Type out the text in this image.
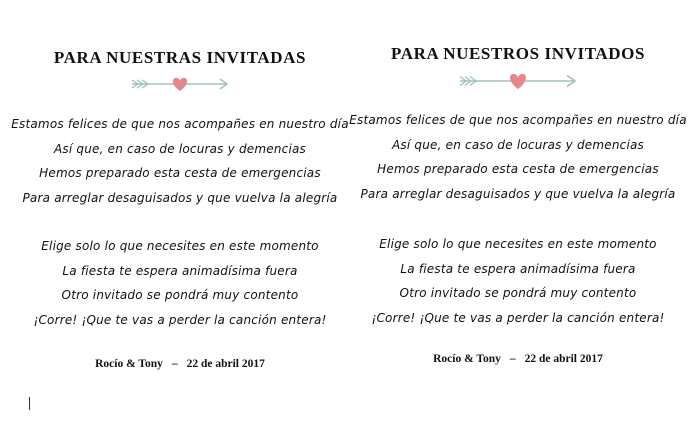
PARA NUESTRAS INVITADAS
Estamos felices de que nos acompañes en nuestro día
Así que, en caso de locuras y demencias
Hemos preparado esta cesta de emergencias
Para arreglar desaguisados y que vuelva la alegría
Elige solo lo que necesites en este momento
La fiesta te espera animadísima fuera
Otro invitado se pondrá muy contento
¡Corre! ¡Que te vas a perder la canción entera!
Rocío & Tony – 22 de abril 2017
PARA NUESTROS INVITADOS
Estamos felices de que nos acompañes en nuestro día
Así que, en caso de locuras y demencias
Hemos preparado esta cesta de emergencias
Para arreglar desaguisados y que vuelva la alegría
Elige solo lo que necesites en este momento
La fiesta te espera animadísima fuera
Otro invitado se pondrá muy contento
¡Corre! ¡Que te vas a perder la canción entera!
Rocío & Tony – 22 de abril 2017
